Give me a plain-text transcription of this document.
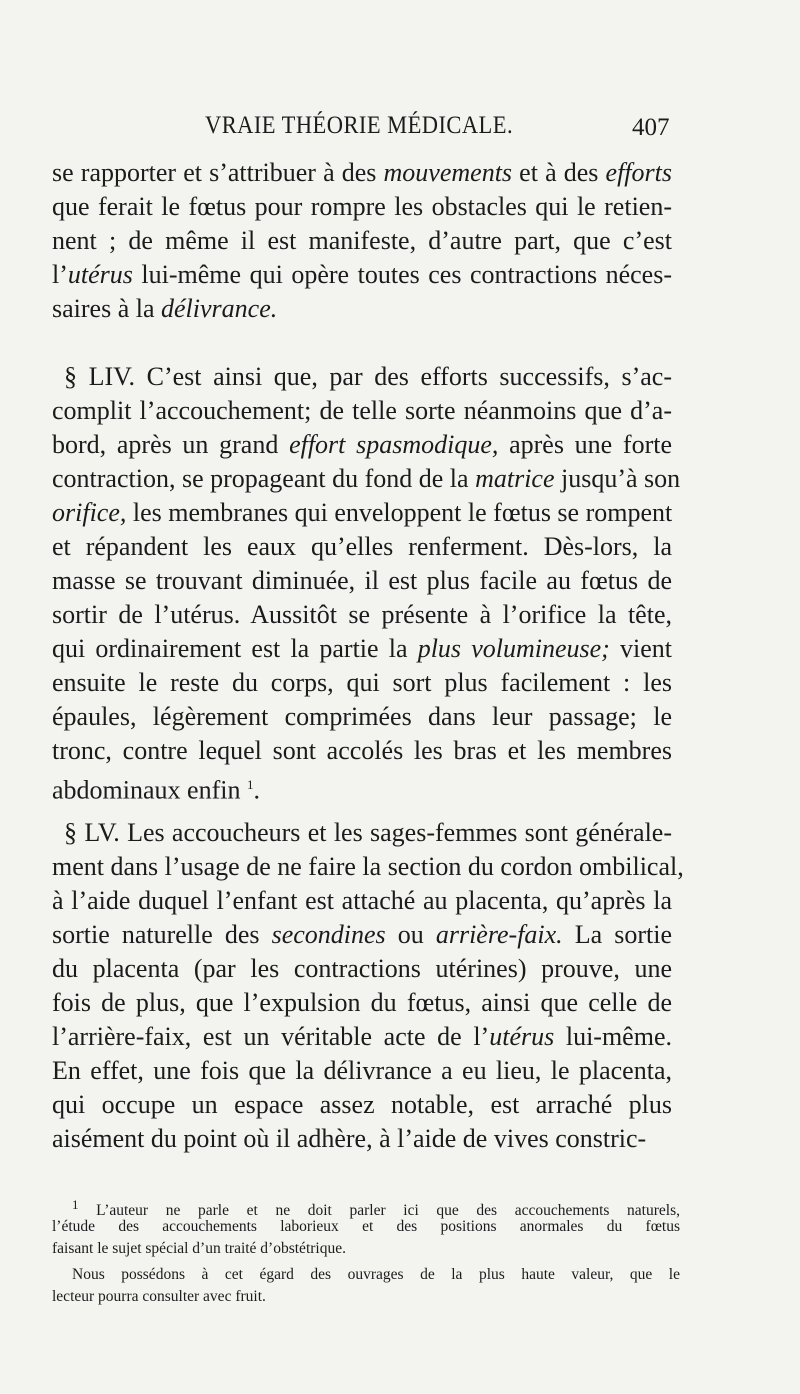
VRAIE THÉORIE MÉDICALE.	407
se rapporter et s’attribuer à des mouvements et à des efforts
que ferait le fœtus pour rompre les obstacles qui le retien-
nent ; de même il est manifeste, d’autre part, que c’est
l’utérus lui-même qui opère toutes ces contractions néces-
saires à la délivrance.
§ LIV. C’est ainsi que, par des efforts successifs, s’ac-
complit l’accouchement; de telle sorte néanmoins que d’a-
bord, après un grand effort spasmodique, après une forte
contraction, se propageant du fond de la matrice jusqu’à son
orifice, les membranes qui enveloppent le fœtus se rompent
et répandent les eaux qu’elles renferment. Dès-lors, la
masse se trouvant diminuée, il est plus facile au fœtus de
sortir de l’utérus. Aussitôt se présente à l’orifice la tête,
qui ordinairement est la partie la plus volumineuse; vient
ensuite le reste du corps, qui sort plus facilement : les
épaules, légèrement comprimées dans leur passage; le
tronc, contre lequel sont accolés les bras et les membres
abdominaux enfin $^1$.
§ LV. Les accoucheurs et les sages-femmes sont générale-
ment dans l’usage de ne faire la section du cordon ombilical,
à l’aide duquel l’enfant est attaché au placenta, qu’après la
sortie naturelle des secondines ou arrière-faix. La sortie
du placenta (par les contractions utérines) prouve, une
fois de plus, que l’expulsion du fœtus, ainsi que celle de
l’arrière-faix, est un véritable acte de l’utérus lui-même.
En effet, une fois que la délivrance a eu lieu, le placenta,
qui occupe un espace assez notable, est arraché plus
aisément du point où il adhère, à l’aide de vives constric-
$^1$ L’auteur ne parle et ne doit parler ici que des accouchements naturels,
l’étude des accouchements laborieux et des positions anormales du fœtus
faisant le sujet spécial d’un traité d’obstétrique.
Nous possédons à cet égard des ouvrages de la plus haute valeur, que le
lecteur pourra consulter avec fruit.
